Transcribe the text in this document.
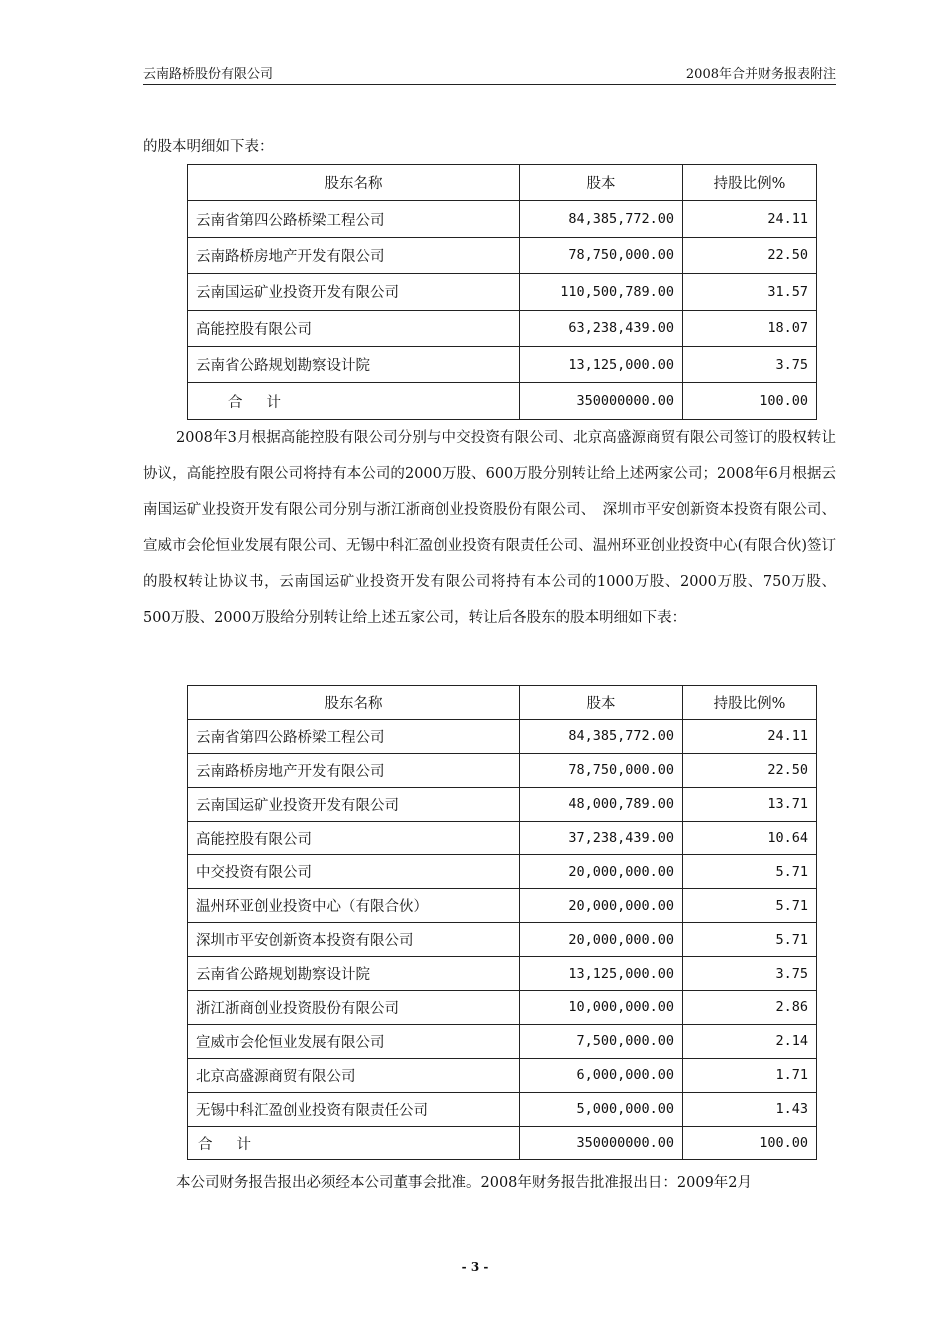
云南路桥股份有限公司	2008年合并财务报表附注

的股本明细如下表：

股东名称	股本	持股比例%
云南省第四公路桥梁工程公司	84,385,772.00	24.11
云南路桥房地产开发有限公司	78,750,000.00	22.50
云南国运矿业投资开发有限公司	110,500,789.00	31.57
高能控股有限公司	63,238,439.00	18.07
云南省公路规划勘察设计院	13,125,000.00	3.75
合计	350000000.00	100.00

2008年3月根据高能控股有限公司分别与中交投资有限公司、北京高盛源商贸有限公司签订的股权转让协议，高能控股有限公司将持有本公司的2000万股、600万股分别转让给上述两家公司；2008年6月根据云南国运矿业投资开发有限公司分别与浙江浙商创业投资股份有限公司、　深圳市平安创新资本投资有限公司、宣威市会伦恒业发展有限公司、无锡中科汇盈创业投资有限责任公司、温州环亚创业投资中心(有限合伙)签订的股权转让协议书，云南国运矿业投资开发有限公司将持有本公司的1000万股、2000万股、750万股、500万股、2000万股给分别转让给上述五家公司，转让后各股东的股本明细如下表：

股东名称	股本	持股比例%
云南省第四公路桥梁工程公司	84,385,772.00	24.11
云南路桥房地产开发有限公司	78,750,000.00	22.50
云南国运矿业投资开发有限公司	48,000,789.00	13.71
高能控股有限公司	37,238,439.00	10.64
中交投资有限公司	20,000,000.00	5.71
温州环亚创业投资中心（有限合伙）	20,000,000.00	5.71
深圳市平安创新资本投资有限公司	20,000,000.00	5.71
云南省公路规划勘察设计院	13,125,000.00	3.75
浙江浙商创业投资股份有限公司	10,000,000.00	2.86
宣威市会伦恒业发展有限公司	7,500,000.00	2.14
北京高盛源商贸有限公司	6,000,000.00	1.71
无锡中科汇盈创业投资有限责任公司	5,000,000.00	1.43
合计	350000000.00	100.00

本公司财务报告报出必须经本公司董事会批准。2008年财务报告批准报出日：2009年2月

- 3 -
